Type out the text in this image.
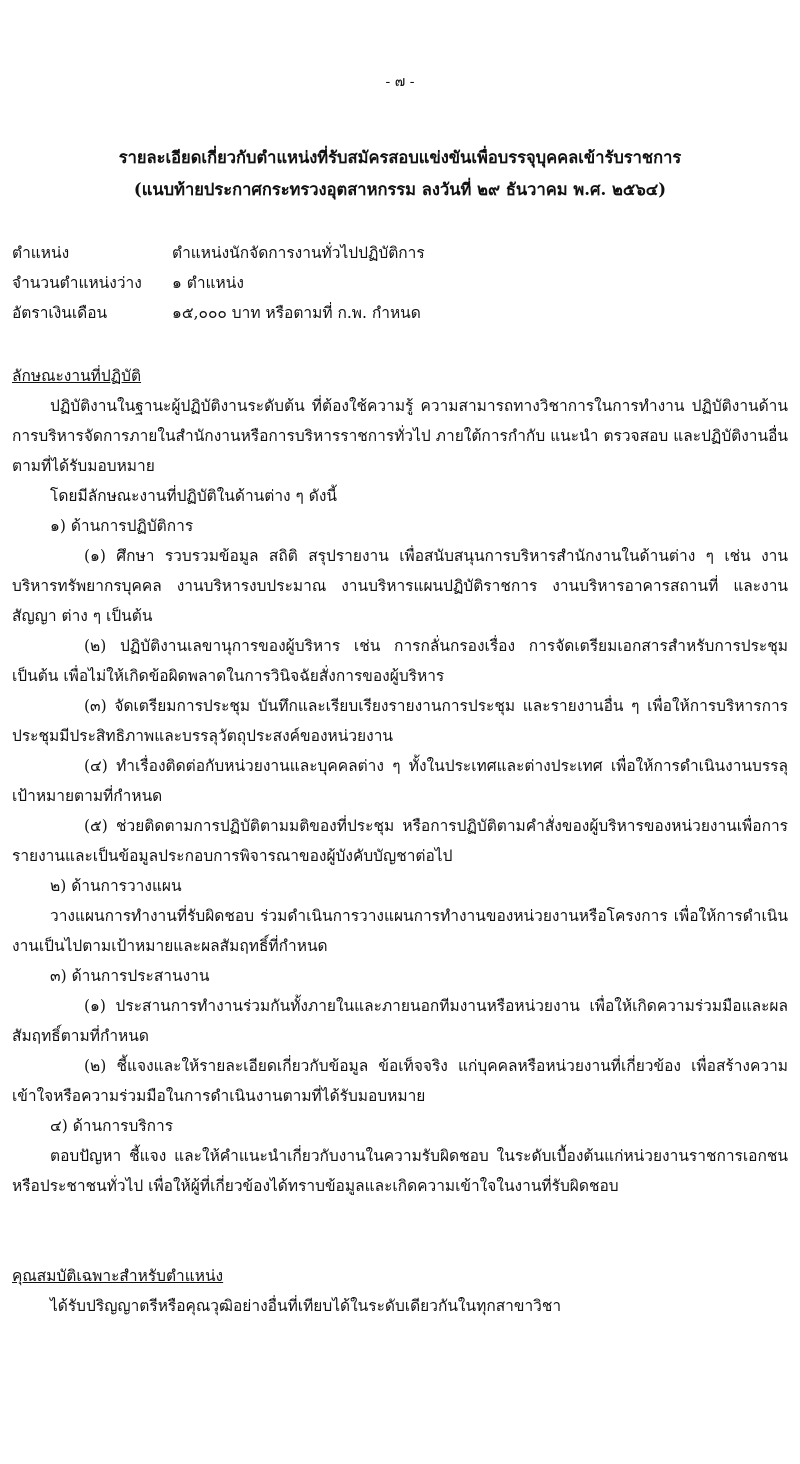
- ๗ -
รายละเอียดเกี่ยวกับตำแหน่งที่รับสมัครสอบแข่งขันเพื่อบรรจุบุคคลเข้ารับราชการ
(แนบท้ายประกาศกระทรวงอุตสาหกรรม ลงวันที่ ๒๙ ธันวาคม พ.ศ. ๒๕๖๔)
ตำแหน่ง	ตำแหน่งนักจัดการงานทั่วไปปฏิบัติการ
จำนวนตำแหน่งว่าง ๑ ตำแหน่ง
อัตราเงินเดือน	๑๕,๐๐๐ บาท หรือตามที่ ก.พ. กำหนด
ลักษณะงานที่ปฏิบัติ
ปฏิบัติงานในฐานะผู้ปฏิบัติงานระดับต้น ที่ต้องใช้ความรู้ ความสามารถทางวิชาการในการทำงาน ปฏิบัติงานด้านการบริหารจัดการภายในสำนักงานหรือการบริหารราชการทั่วไป ภายใต้การกำกับ แนะนำ ตรวจสอบ และปฏิบัติงานอื่นตามที่ได้รับมอบหมาย
โดยมีลักษณะงานที่ปฏิบัติในด้านต่าง ๆ ดังนี้
๑) ด้านการปฏิบัติการ
(๑) ศึกษา รวบรวมข้อมูล สถิติ สรุปรายงาน เพื่อสนับสนุนการบริหารสำนักงานในด้านต่าง ๆ เช่น งานบริหารทรัพยากรบุคคล งานบริหารงบประมาณ งานบริหารแผนปฏิบัติราชการ งานบริหารอาคารสถานที่ และงานสัญญา ต่าง ๆ เป็นต้น
(๒) ปฏิบัติงานเลขานุการของผู้บริหาร เช่น การกลั่นกรองเรื่อง การจัดเตรียมเอกสารสำหรับการประชุม เป็นต้น เพื่อไม่ให้เกิดข้อผิดพลาดในการวินิจฉัยสั่งการของผู้บริหาร
(๓) จัดเตรียมการประชุม บันทึกและเรียบเรียงรายงานการประชุม และรายงานอื่น ๆ เพื่อให้การบริหารการประชุมมีประสิทธิภาพและบรรลุวัตถุประสงค์ของหน่วยงาน
(๔) ทำเรื่องติดต่อกับหน่วยงานและบุคคลต่าง ๆ ทั้งในประเทศและต่างประเทศ เพื่อให้การดำเนินงานบรรลุเป้าหมายตามที่กำหนด
(๕) ช่วยติดตามการปฏิบัติตามมติของที่ประชุม หรือการปฏิบัติตามคำสั่งของผู้บริหารของหน่วยงานเพื่อการรายงานและเป็นข้อมูลประกอบการพิจารณาของผู้บังคับบัญชาต่อไป
๒) ด้านการวางแผน
วางแผนการทำงานที่รับผิดชอบ ร่วมดำเนินการวางแผนการทำงานของหน่วยงานหรือโครงการ เพื่อให้การดำเนินงานเป็นไปตามเป้าหมายและผลสัมฤทธิ์ที่กำหนด
๓) ด้านการประสานงาน
(๑) ประสานการทำงานร่วมกันทั้งภายในและภายนอกทีมงานหรือหน่วยงาน เพื่อให้เกิดความร่วมมือและผลสัมฤทธิ์ตามที่กำหนด
(๒) ชี้แจงและให้รายละเอียดเกี่ยวกับข้อมูล ข้อเท็จจริง แก่บุคคลหรือหน่วยงานที่เกี่ยวข้อง เพื่อสร้างความเข้าใจหรือความร่วมมือในการดำเนินงานตามที่ได้รับมอบหมาย
๔) ด้านการบริการ
ตอบปัญหา ชี้แจง และให้คำแนะนำเกี่ยวกับงานในความรับผิดชอบ ในระดับเบื้องต้นแก่หน่วยงานราชการเอกชนหรือประชาชนทั่วไป เพื่อให้ผู้ที่เกี่ยวข้องได้ทราบข้อมูลและเกิดความเข้าใจในงานที่รับผิดชอบ
คุณสมบัติเฉพาะสำหรับตำแหน่ง
ได้รับปริญญาตรีหรือคุณวุฒิอย่างอื่นที่เทียบได้ในระดับเดียวกันในทุกสาขาวิชา
